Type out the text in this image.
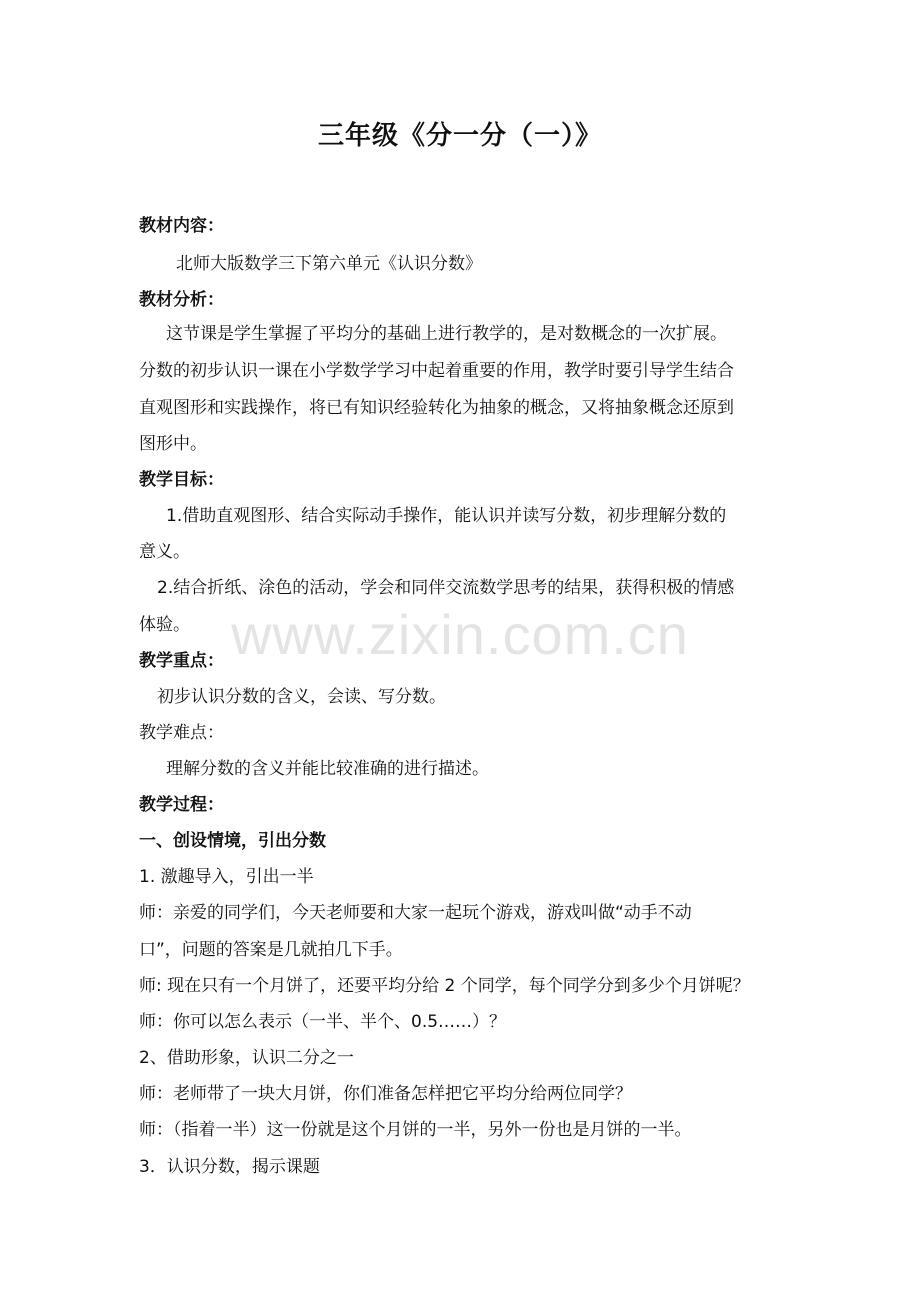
三年级《分一分（一）》
教材内容：
北师大版数学三下第六单元《认识分数》
教材分析：
这节课是学生掌握了平均分的基础上进行教学的，是对数概念的一次扩展。
分数的初步认识一课在小学数学学习中起着重要的作用，教学时要引导学生结合
直观图形和实践操作，将已有知识经验转化为抽象的概念，又将抽象概念还原到
图形中。
教学目标：
1.借助直观图形、结合实际动手操作，能认识并读写分数，初步理解分数的
意义。
2.结合折纸、涂色的活动，学会和同伴交流数学思考的结果，获得积极的情感
体验。
教学重点：
初步认识分数的含义，会读、写分数。
教学难点：
理解分数的含义并能比较准确的进行描述。
教学过程：
一、创设情境，引出分数
1. 激趣导入，引出一半
师：亲爱的同学们，今天老师要和大家一起玩个游戏，游戏叫做“动手不动
口”，问题的答案是几就拍几下手。
师: 现在只有一个月饼了，还要平均分给 2 个同学，每个同学分到多少个月饼呢？
师：你可以怎么表示（一半、半个、0.5……）？
2、借助形象，认识二分之一
师：老师带了一块大月饼，你们准备怎样把它平均分给两位同学？
师：（指着一半）这一份就是这个月饼的一半，另外一份也是月饼的一半。
3．认识分数，揭示课题
www.zixin.com.cn
